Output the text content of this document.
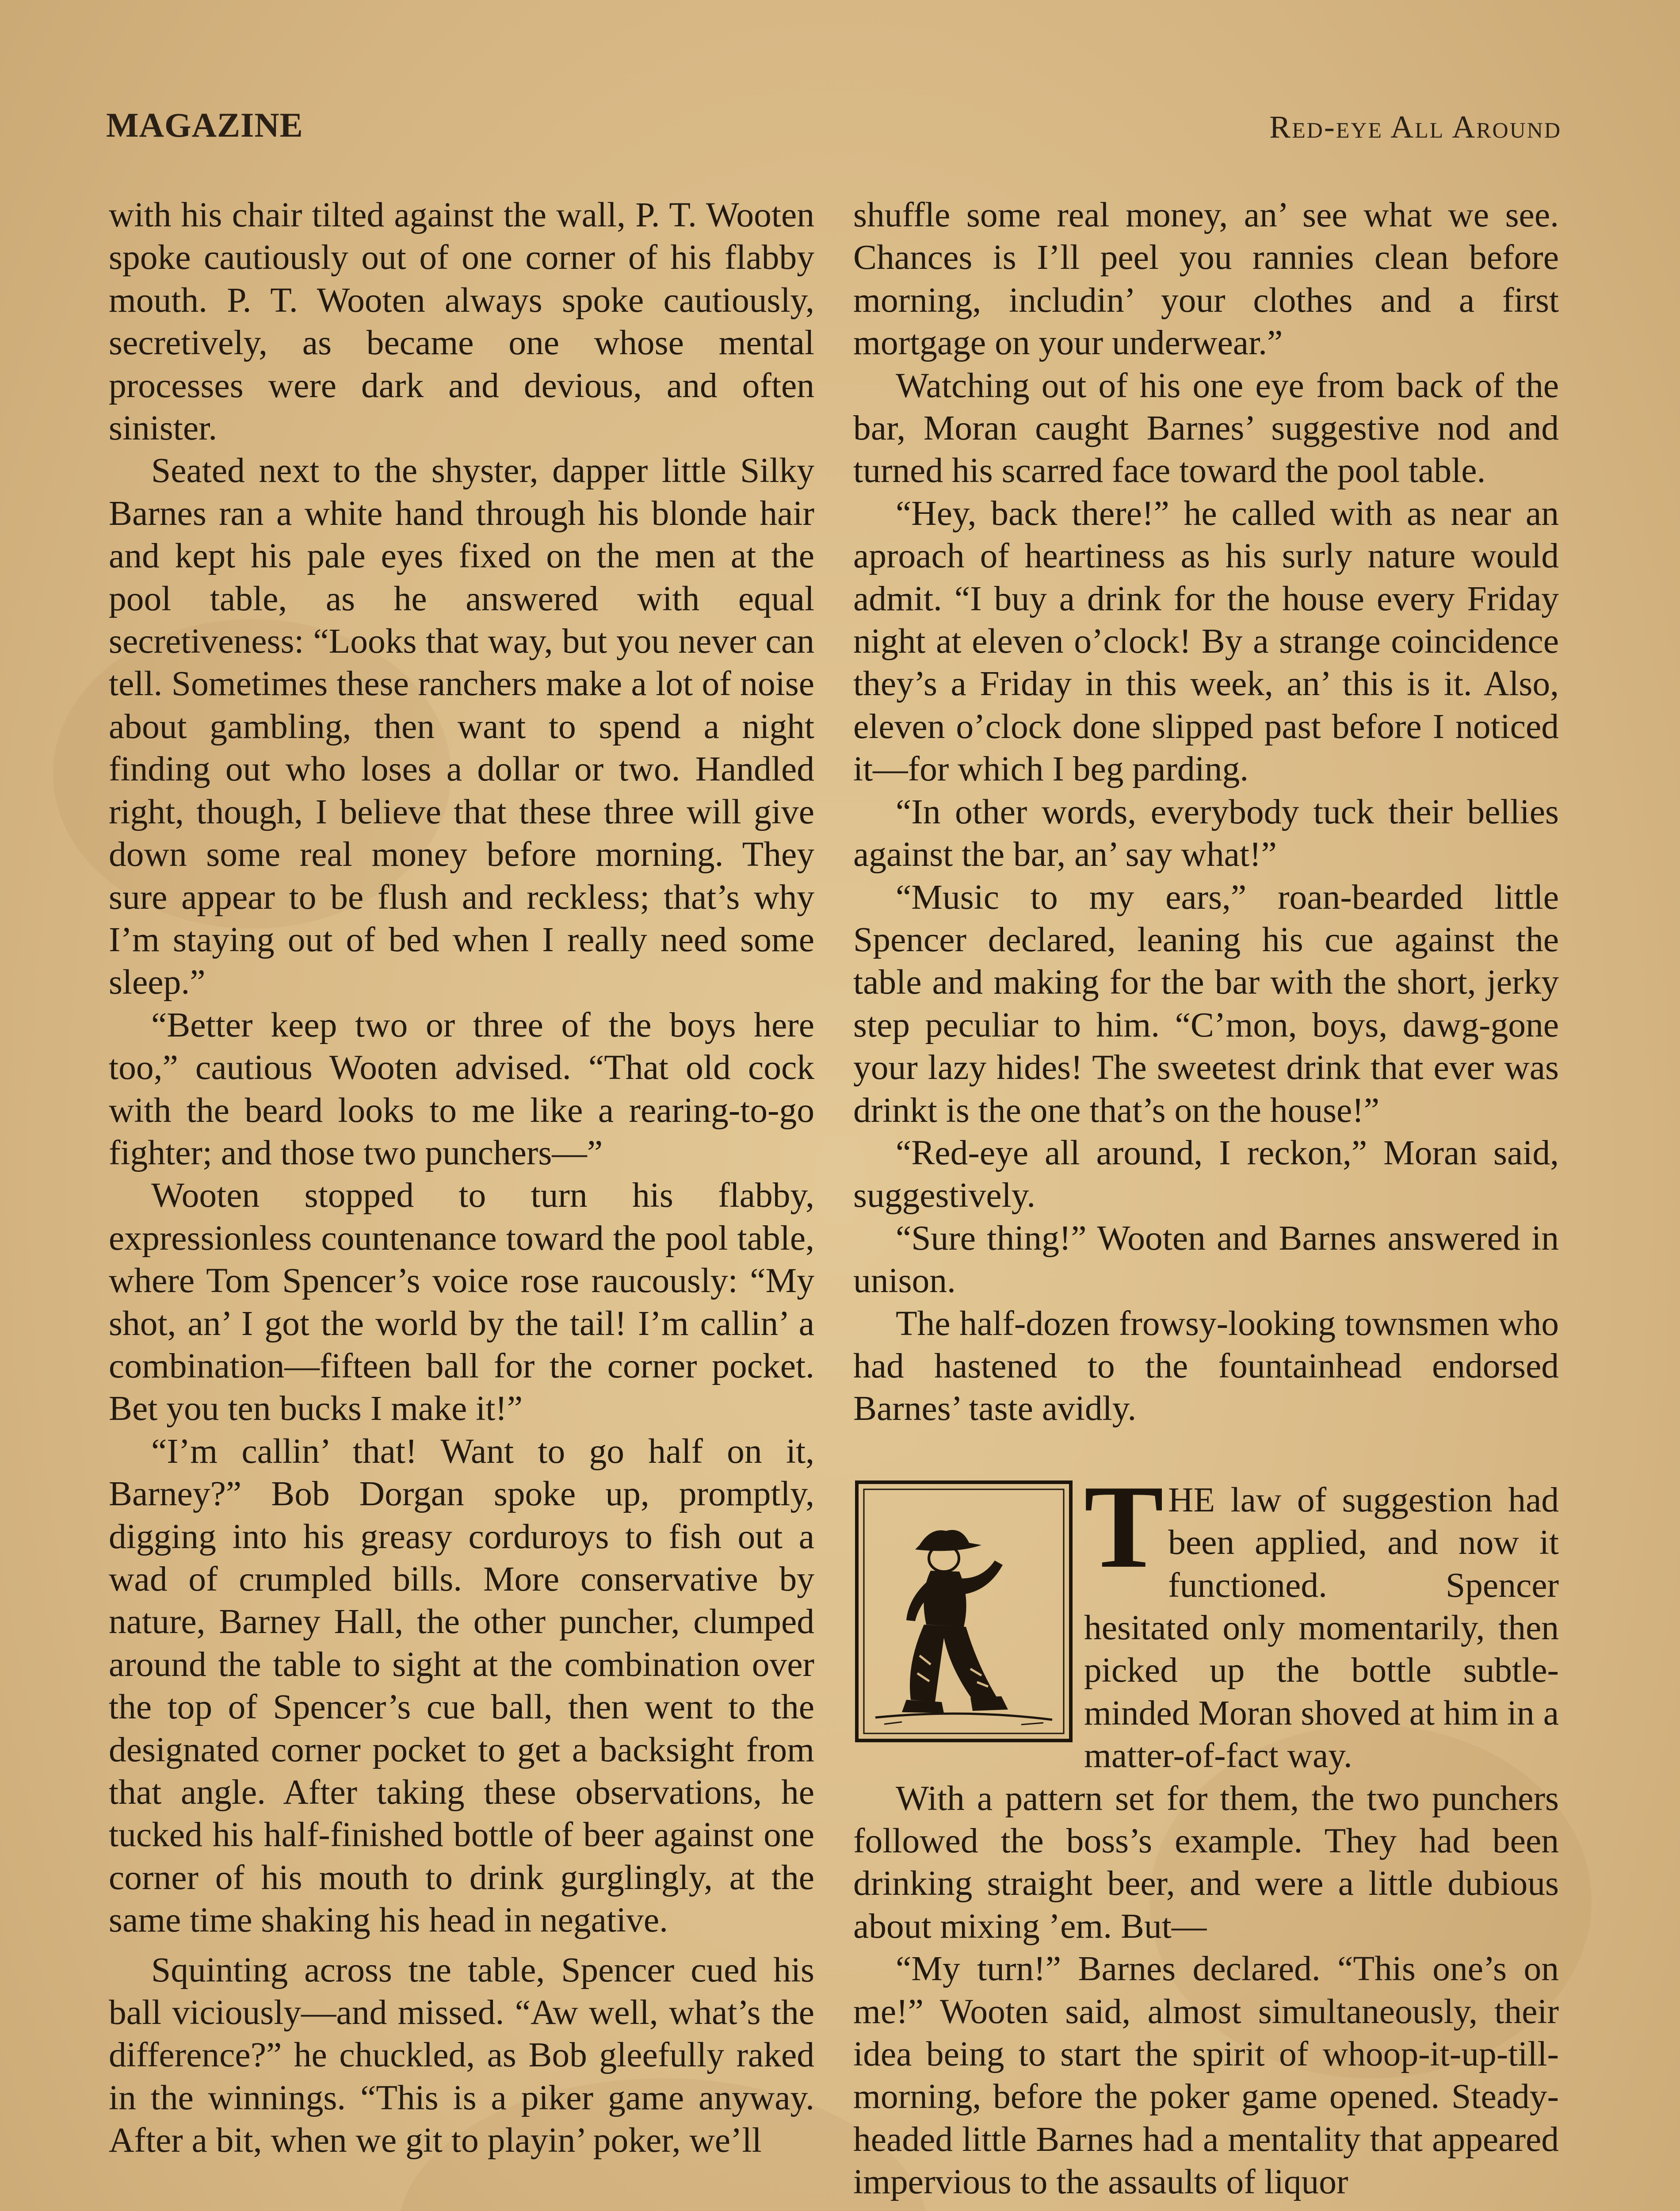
MAGAZINE	Red-eye All Around

with his chair tilted against the wall, P. T. Wooten spoke cautiously out of one corner of his flabby mouth. P. T. Wooten always spoke cautiously, secretively, as became one whose mental processes were dark and devious, and often sinister.

Seated next to the shyster, dapper little Silky Barnes ran a white hand through his blonde hair and kept his pale eyes fixed on the men at the pool table, as he answered with equal secretiveness: “Looks that way, but you never can tell. Sometimes these ranchers make a lot of noise about gambling, then want to spend a night finding out who loses a dollar or two. Handled right, though, I believe that these three will give down some real money before morning. They sure appear to be flush and reckless; that’s why I’m staying out of bed when I really need some sleep.”

“Better keep two or three of the boys here too,” cautious Wooten advised. “That old cock with the beard looks to me like a rearing-to-go fighter; and those two punchers—”

Wooten stopped to turn his flabby, expressionless countenance toward the pool table, where Tom Spencer’s voice rose raucously: “My shot, an’ I got the world by the tail! I’m callin’ a combination—fifteen ball for the corner pocket. Bet you ten bucks I make it!”

“I’m callin’ that! Want to go half on it, Barney?” Bob Dorgan spoke up, promptly, digging into his greasy corduroys to fish out a wad of crumpled bills. More conservative by nature, Barney Hall, the other puncher, clumped around the table to sight at the combination over the top of Spencer’s cue ball, then went to the designated corner pocket to get a backsight from that angle. After taking these observations, he tucked his half-finished bottle of beer against one corner of his mouth to drink gurglingly, at the same time shaking his head in negative.

Squinting across tne table, Spencer cued his ball viciously—and missed. “Aw well, what’s the difference?” he chuckled, as Bob gleefully raked in the winnings. “This is a piker game anyway. After a bit, when we git to playin’ poker, we’ll

shuffle some real money, an’ see what we see. Chances is I’ll peel you rannies clean before morning, includin’ your clothes and a first mortgage on your underwear.”

Watching out of his one eye from back of the bar, Moran caught Barnes’ suggestive nod and turned his scarred face toward the pool table.

“Hey, back there!” he called with as near an aproach of heartiness as his surly nature would admit. “I buy a drink for the house every Friday night at eleven o’clock! By a strange coincidence they’s a Friday in this week, an’ this is it. Also, eleven o’clock done slipped past before I noticed it—for which I beg parding.

“In other words, everybody tuck their bellies against the bar, an’ say what!”

“Music to my ears,” roan-bearded little Spencer declared, leaning his cue against the table and making for the bar with the short, jerky step peculiar to him. “C’mon, boys, dawg-gone your lazy hides! The sweetest drink that ever was drinkt is the one that’s on the house!”

“Red-eye all around, I reckon,” Moran said, suggestively.

“Sure thing!” Wooten and Barnes answered in unison.

The half-dozen frowsy-looking townsmen who had hastened to the fountainhead endorsed Barnes’ taste avidly.

T HE law of suggestion had been applied, and now it functioned. Spencer hesitated only momentarily, then picked up the bottle subtle-minded Moran shoved at him in a matter-of-fact way.

With a pattern set for them, the two punchers followed the boss’s example. They had been drinking straight beer, and were a little dubious about mixing ’em. But—

“My turn!” Barnes declared. “This one’s on me!” Wooten said, almost simultaneously, their idea being to start the spirit of whoop-it-up-till-morning, before the poker game opened. Steady-headed little Barnes had a mentality that appeared impervious to the assaults of liquor
